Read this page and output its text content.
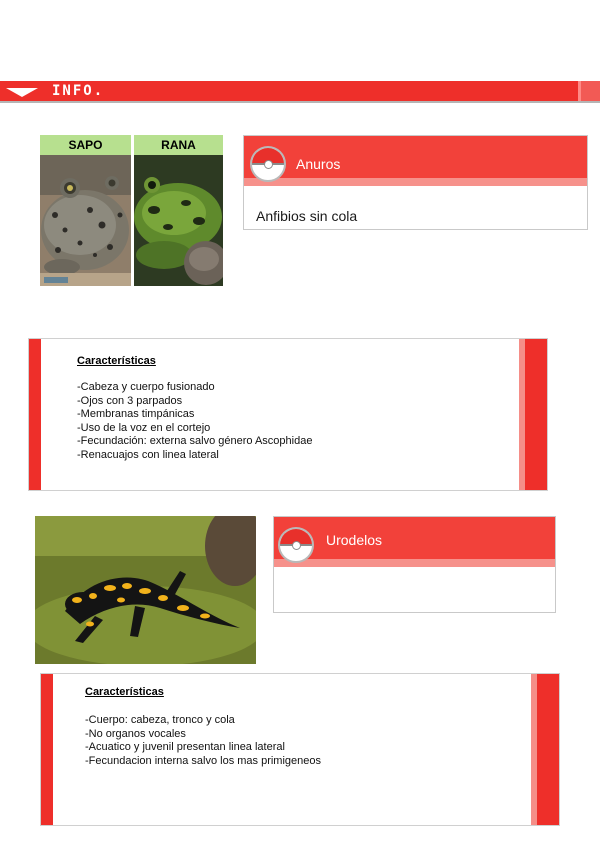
INFO.
SAPO	RANA
Anuros
Anfibios sin cola
Características
-Cabeza y cuerpo fusionado
-Ojos con 3 parpados
-Membranas timpánicas
-Uso de la voz en el cortejo
-Fecundación: externa salvo género Ascophidae
-Renacuajos con linea lateral
Urodelos
Características
-Cuerpo: cabeza, tronco y cola
-No organos vocales
-Acuatico y juvenil presentan linea lateral
-Fecundacion interna salvo los mas primigeneos
